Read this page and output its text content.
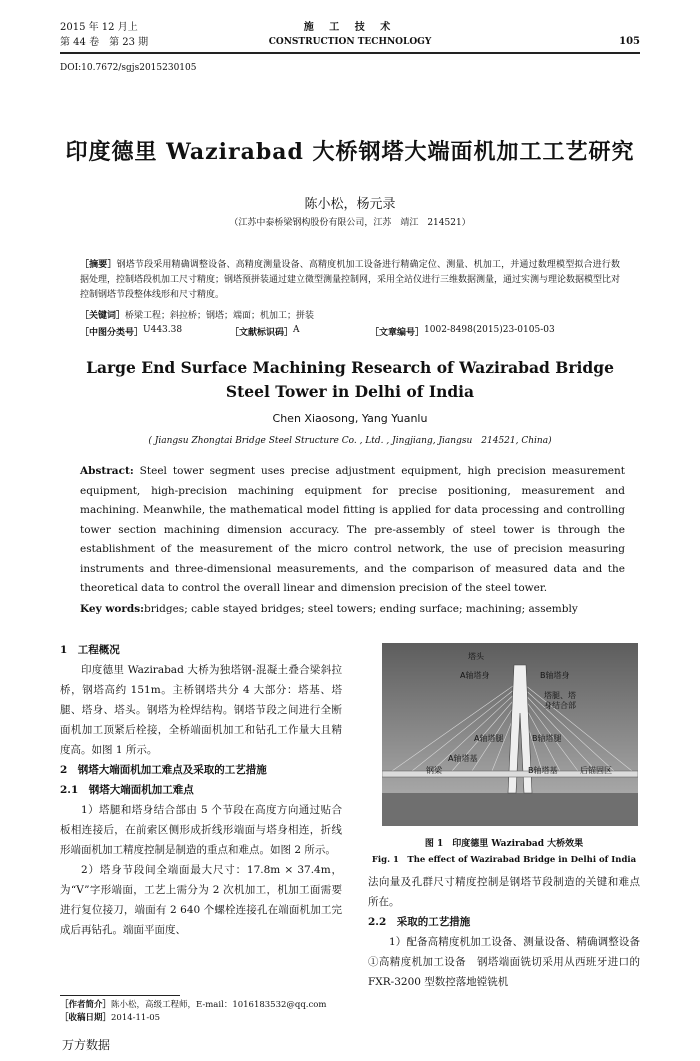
2015 年 12 月上
第 44 卷　第 23 期
施 工 技 术
CONSTRUCTION TECHNOLOGY	105
DOI:10.7672/sgjs2015230105
印度德里 Wazirabad 大桥钢塔大端面机加工工艺研究
陈小松，杨元录
（江苏中泰桥梁钢构股份有限公司，江苏　靖江　214521）
［摘要］钢塔节段采用精确调整设备、高精度测量设备、高精度机加工设备进行精确定位、测量、机加工，并通过数理模型拟合进行数据处理，控制塔段机加工尺寸精度；钢塔预拼装通过建立微型测量控制网，采用全站仪进行三维数据测量，通过实测与理论数据模型比对控制钢塔节段整体线形和尺寸精度。
［关键词］桥梁工程；斜拉桥；钢塔；端面；机加工；拼装
［中图分类号］ U443.38	［文献标识码］ A	［文章编号］ 1002-8498(2015)23-0105-03
Large End Surface Machining Research of Wazirabad Bridge
Steel Tower in Delhi of India
Chen Xiaosong, Yang Yuanlu
( Jiangsu Zhongtai Bridge Steel Structure Co. , Ltd. , Jingjiang, Jiangsu　214521, China)
Abstract: Steel tower segment uses precise adjustment equipment, high precision measurement equipment, high-precision machining equipment for precise positioning, measurement and machining. Meanwhile, the mathematical model fitting is applied for data processing and controlling tower section machining dimension accuracy. The pre-assembly of steel tower is through the establishment of the measurement of the micro control network, the use of precision measuring instruments and three-dimensional measurements, and the comparison of measured data and the theoretical data to control the overall linear and dimension precision of the steel tower.
Key words:bridges; cable stayed bridges; steel towers; ending surface; machining; assembly

1　工程概况

印度德里 Wazirabad 大桥为独塔钢-混凝土叠合梁斜拉桥，钢塔高约 151m。主桥钢塔共分 4 大部分：塔基、塔腿、塔身、塔头。钢塔为栓焊结构。钢塔节段之间进行全断面机加工顶紧后栓接，全桥端面机加工和钻孔工作量大且精度高。如图 1 所示。

2　钢塔大端面机加工难点及采取的工艺措施

2.1　钢塔大端面机加工难点

1）塔腿和塔身结合部由 5 个节段在高度方向通过贴合板相连接后，在前索区侧形成折线形端面与塔身相连，折线形端面机加工精度控制是制造的重点和难点。如图 2 所示。

2）塔身节段间全端面最大尺寸：17.8m × 37.4m，为“V”字形端面，工艺上需分为 2 次机加工，机加工面需要进行复位接刀，端面有 2 640 个螺栓连接孔在端面机加工完成后再钻孔。端面平面度、

塔头
A轴塔身	B轴塔身
塔腿、塔
身结合部
A轴塔腿	B轴塔腿
A轴塔基
钢梁	B轴塔基	后锚固区
图 1　印度德里 Wazirabad 大桥效果
Fig. 1　The effect of Wazirabad Bridge in Delhi of India

法向量及孔群尺寸精度控制是钢塔节段制造的关键和难点所在。

2.2　采取的工艺措施

1）配备高精度机加工设备、测量设备、精确调整设备　①高精度机加工设备　钢塔端面铣切采用从西班牙进口的 FXR-3200 型数控落地镗铣机

［作者简介］陈小松，高级工程师，E-mail：1016183532@qq.com
［收稿日期］2014-11-05
万方数据
